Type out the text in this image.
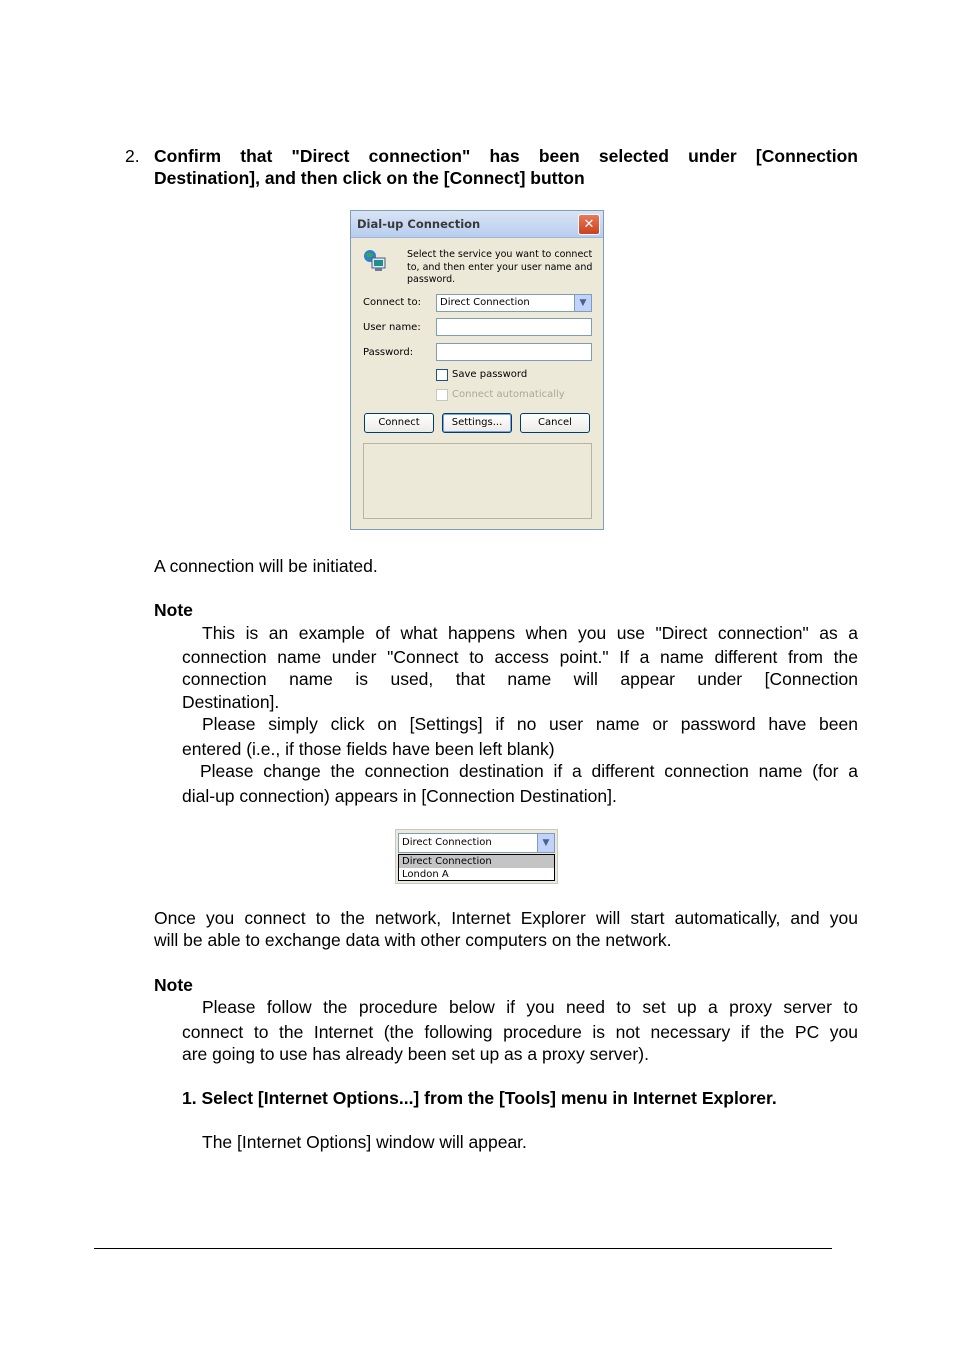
2. Confirm that "Direct connection" has been selected under [Connection
Destination], and then click on the [Connect] button
Dial-up Connection	✕
Select the service you want to connect to, and then enter your user name and password.
Connect to: Direct Connection	▼
User name:
Password:
Save password
Connect automatically
Connect	Settings...	Cancel
A connection will be initiated.
Note
This is an example of what happens when you use "Direct connection" as a
connection name under "Connect to access point." If a name different from the
connection name is used, that name will appear under [Connection
Destination].
Please simply click on [Settings] if no user name or password have been
entered (i.e., if those fields have been left blank)
Please change the connection destination if a different connection name (for a
dial-up connection) appears in [Connection Destination].
Direct Connection	▼
Direct Connection
London A
Once you connect to the network, Internet Explorer will start automatically, and you
will be able to exchange data with other computers on the network.
Note
Please follow the procedure below if you need to set up a proxy server to
connect to the Internet (the following procedure is not necessary if the PC you
are going to use has already been set up as a proxy server).
1. Select [Internet Options...] from the [Tools] menu in Internet Explorer.
The [Internet Options] window will appear.
